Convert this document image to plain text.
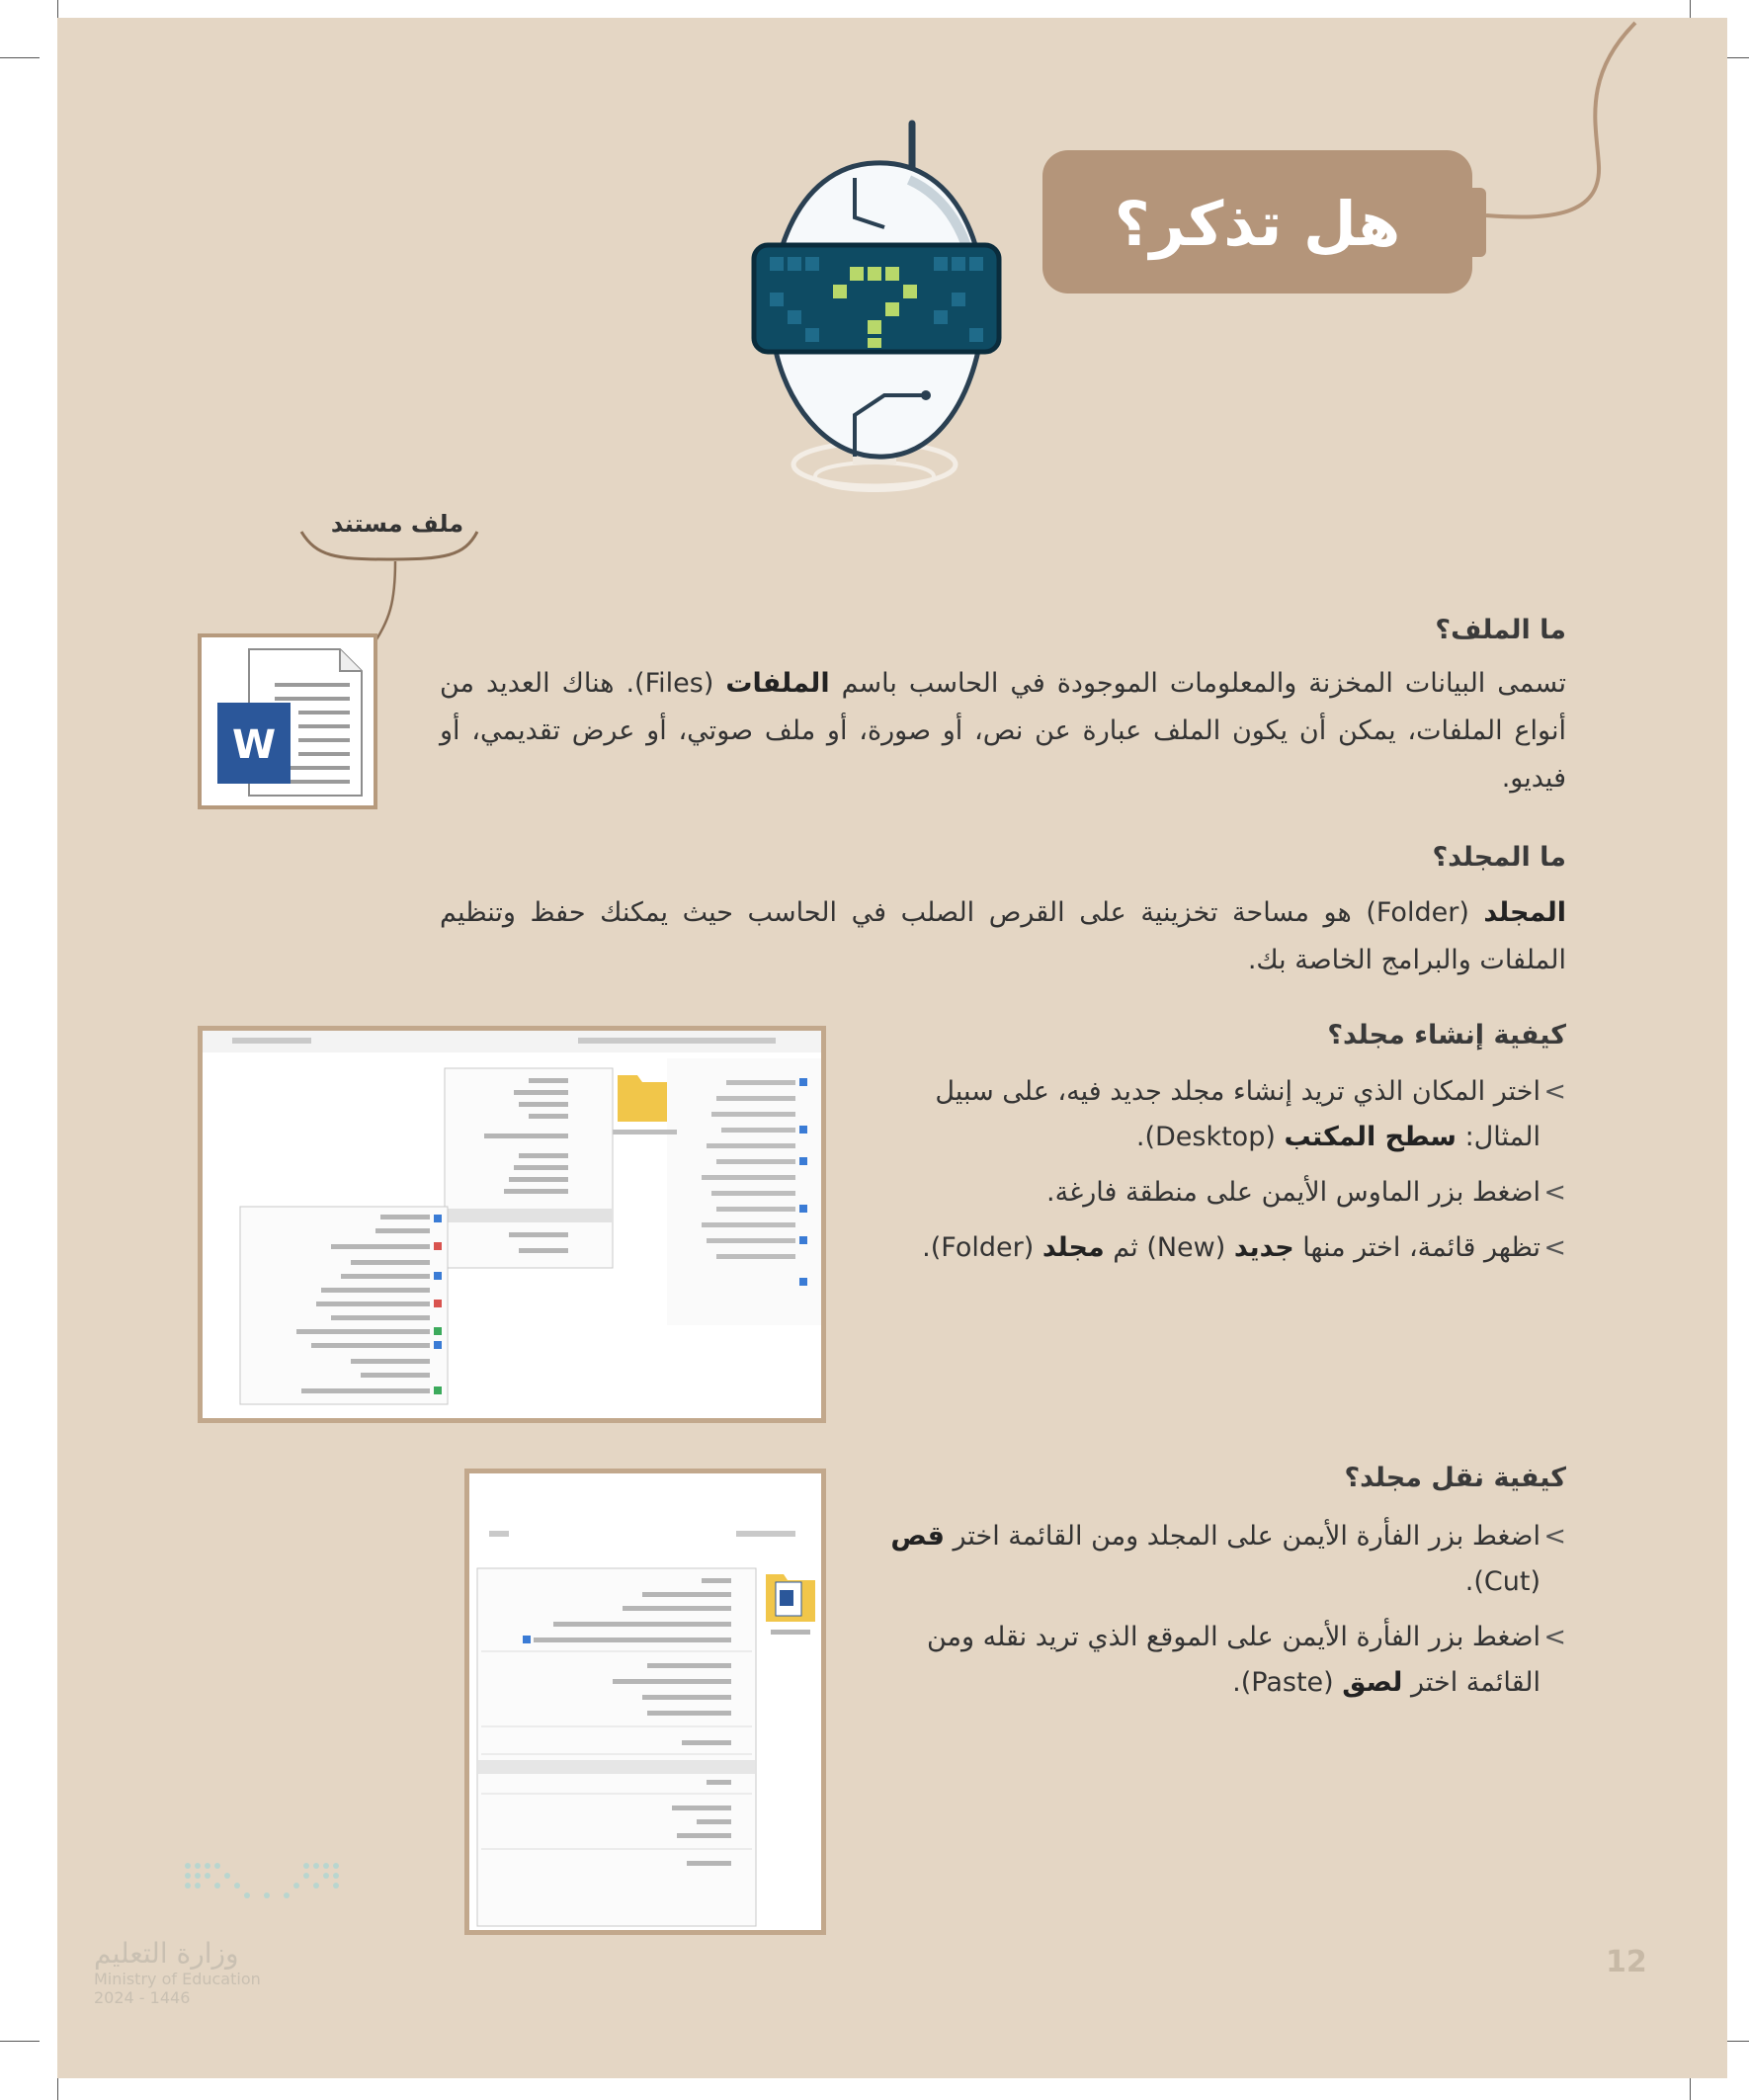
هل تذكر؟
ملف مستند
W
ما الملف؟

تسمى البيانات المخزنة والمعلومات الموجودة في الحاسب باسم الملفات (Files). هناك العديد من أنواع الملفات، يمكن أن يكون الملف عبارة عن نص، أو صورة، أو ملف صوتي، أو عرض تقديمي، أو فيديو.

ما المجلد؟

المجلد (Folder) هو مساحة تخزينية على القرص الصلب في الحاسب حيث يمكنك حفظ وتنظيم الملفات والبرامج الخاصة بك.

كيفية إنشاء مجلد؟
> اختر المكان الذي تريد إنشاء مجلد جديد فيه، على سبيل المثال: سطح المكتب (Desktop).
> اضغط بزر الماوس الأيمن على منطقة فارغة.
> تظهر قائمة، اختر منها جديد (New) ثم مجلد (Folder).
كيفية نقل مجلد؟
> اضغط بزر الفأرة الأيمن على المجلد ومن القائمة اختر قص (Cut).
> اضغط بزر الفأرة الأيمن على الموقع الذي تريد نقله ومن القائمة اختر لصق (Paste).
وزارة التعليم
Ministry of Education
2024 - 1446
12
